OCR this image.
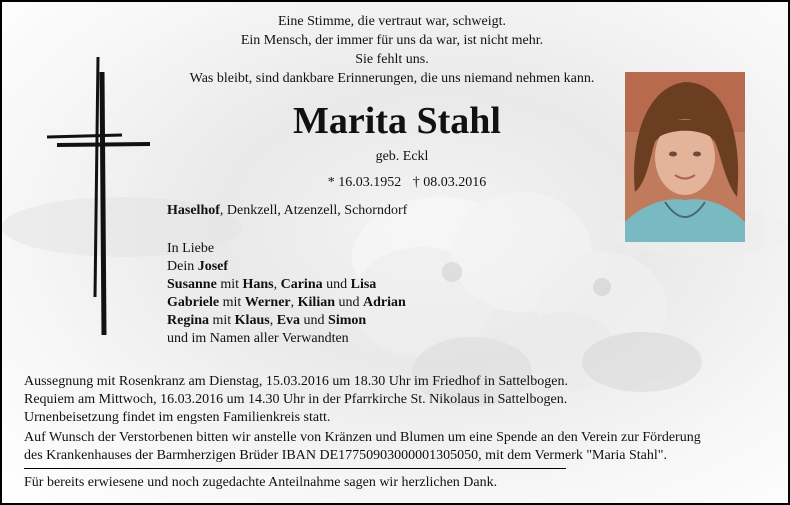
Eine Stimme, die vertraut war, schweigt.
Ein Mensch, der immer für uns da war, ist nicht mehr.
Sie fehlt uns.
Was bleibt, sind dankbare Erinnerungen, die uns niemand nehmen kann.
Marita Stahl
geb. Eckl
* 16.03.1952 † 08.03.2016
Haselhof, Denkzell, Atzenzell, Schorndorf
In Liebe
Dein Josef
Susanne mit Hans, Carina und Lisa
Gabriele mit Werner, Kilian und Adrian
Regina mit Klaus, Eva und Simon
und im Namen aller Verwandten
Aussegnung mit Rosenkranz am Dienstag, 15.03.2016 um 18.30 Uhr im Friedhof in Sattelbogen.
Requiem am Mittwoch, 16.03.2016 um 14.30 Uhr in der Pfarrkirche St. Nikolaus in Sattelbogen.
Urnenbeisetzung findet im engsten Familienkreis statt.
Auf Wunsch der Verstorbenen bitten wir anstelle von Kränzen und Blumen um eine Spende an den Verein zur Förderung
des Krankenhauses der Barmherzigen Brüder IBAN DE17750903000001305050, mit dem Vermerk "Maria Stahl".
Für bereits erwiesene und noch zugedachte Anteilnahme sagen wir herzlichen Dank.
